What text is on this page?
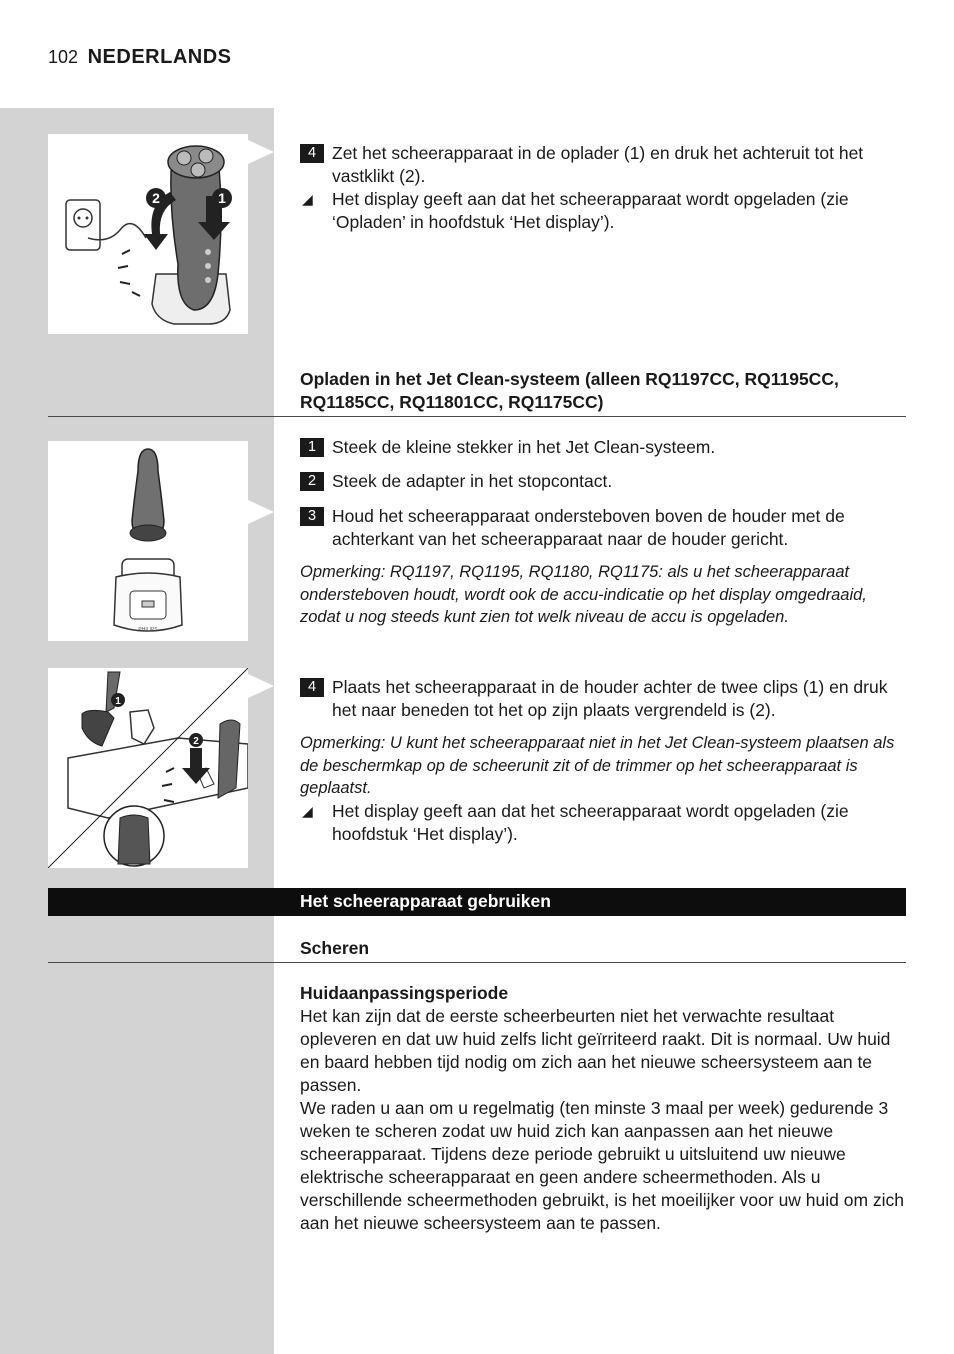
102 NEDERLANDS
2	1
PHILIPS
1
2
4 Zet het scheerapparaat in de oplader (1) en druk het achteruit tot het vastklikt (2).
◢ Het display geeft aan dat het scheerapparaat wordt opgeladen (zie ‘Opladen’ in hoofdstuk ‘Het display’).
Opladen in het Jet Clean-systeem (alleen RQ1197CC, RQ1195CC, RQ1185CC, RQ11801CC, RQ1175CC)
1 Steek de kleine stekker in het Jet Clean-systeem.
2 Steek de adapter in het stopcontact.
3 Houd het scheerapparaat ondersteboven boven de houder met de achterkant van het scheerapparaat naar de houder gericht.
Opmerking: RQ1197, RQ1195, RQ1180, RQ1175: als u het scheerapparaat ondersteboven houdt, wordt ook de accu-indicatie op het display omgedraaid, zodat u nog steeds kunt zien tot welk niveau de accu is opgeladen.
4 Plaats het scheerapparaat in de houder achter de twee clips (1) en druk het naar beneden tot het op zijn plaats vergrendeld is (2).
Opmerking: U kunt het scheerapparaat niet in het Jet Clean-systeem plaatsen als de beschermkap op de scheerunit zit of de trimmer op het scheerapparaat is geplaatst.
◢ Het display geeft aan dat het scheerapparaat wordt opgeladen (zie hoofdstuk ‘Het display’).
Het scheerapparaat gebruiken
Scheren
Huidaanpassingsperiode
Het kan zijn dat de eerste scheerbeurten niet het verwachte resultaat opleveren en dat uw huid zelfs licht geïrriteerd raakt. Dit is normaal. Uw huid en baard hebben tijd nodig om zich aan het nieuwe scheersysteem aan te passen.
We raden u aan om u regelmatig (ten minste 3 maal per week) gedurende 3 weken te scheren zodat uw huid zich kan aanpassen aan het nieuwe scheerapparaat. Tijdens deze periode gebruikt u uitsluitend uw nieuwe elektrische scheerapparaat en geen andere scheermethoden. Als u verschillende scheermethoden gebruikt, is het moeilijker voor uw huid om zich aan het nieuwe scheersysteem aan te passen.
